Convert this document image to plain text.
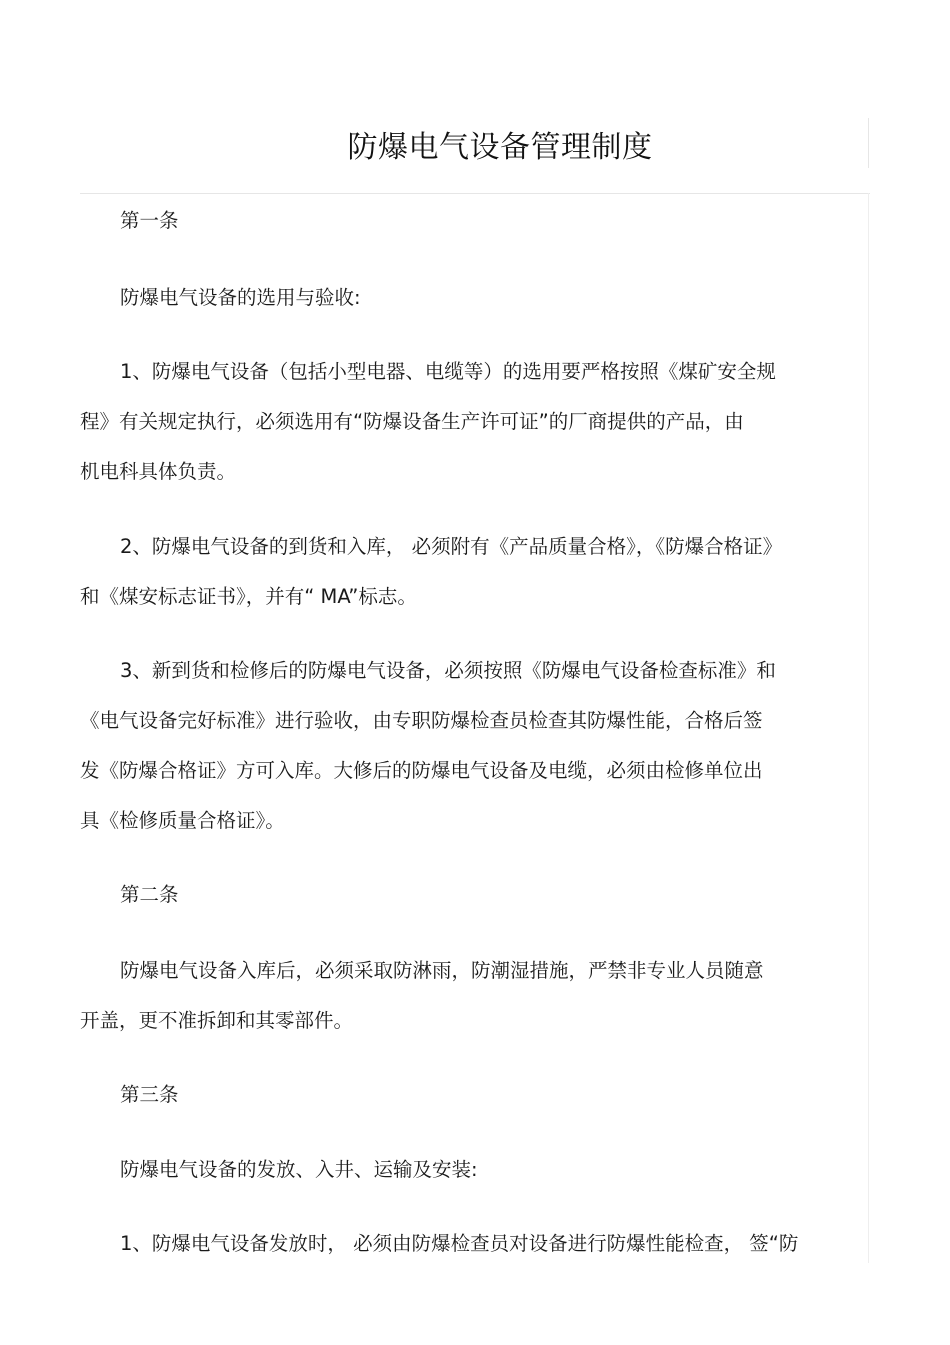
防爆电气设备管理制度
第一条
防爆电气设备的选用与验收:
1、防爆电气设备（包括小型电器、电缆等）的选用要严格按照《煤矿安全规
程》有关规定执行，必须选用有“防爆设备生产许可证”的厂商提供的产品，由
机电科具体负责。
2、防爆电气设备的到货和入库， 必须附有《产品质量合格》，《防爆合格证》
和《煤安标志证书》，并有“ MA”标志。
3、新到货和检修后的防爆电气设备，必须按照《防爆电气设备检查标准》和
《电气设备完好标准》进行验收，由专职防爆检查员检查其防爆性能，合格后签
发《防爆合格证》方可入库。大修后的防爆电气设备及电缆，必须由检修单位出
具《检修质量合格证》。
第二条
防爆电气设备入库后，必须采取防淋雨，防潮湿措施，严禁非专业人员随意
开盖，更不准拆卸和其零部件。
第三条
防爆电气设备的发放、入井、运输及安装:
1、防爆电气设备发放时， 必须由防爆检查员对设备进行防爆性能检查， 签“防
